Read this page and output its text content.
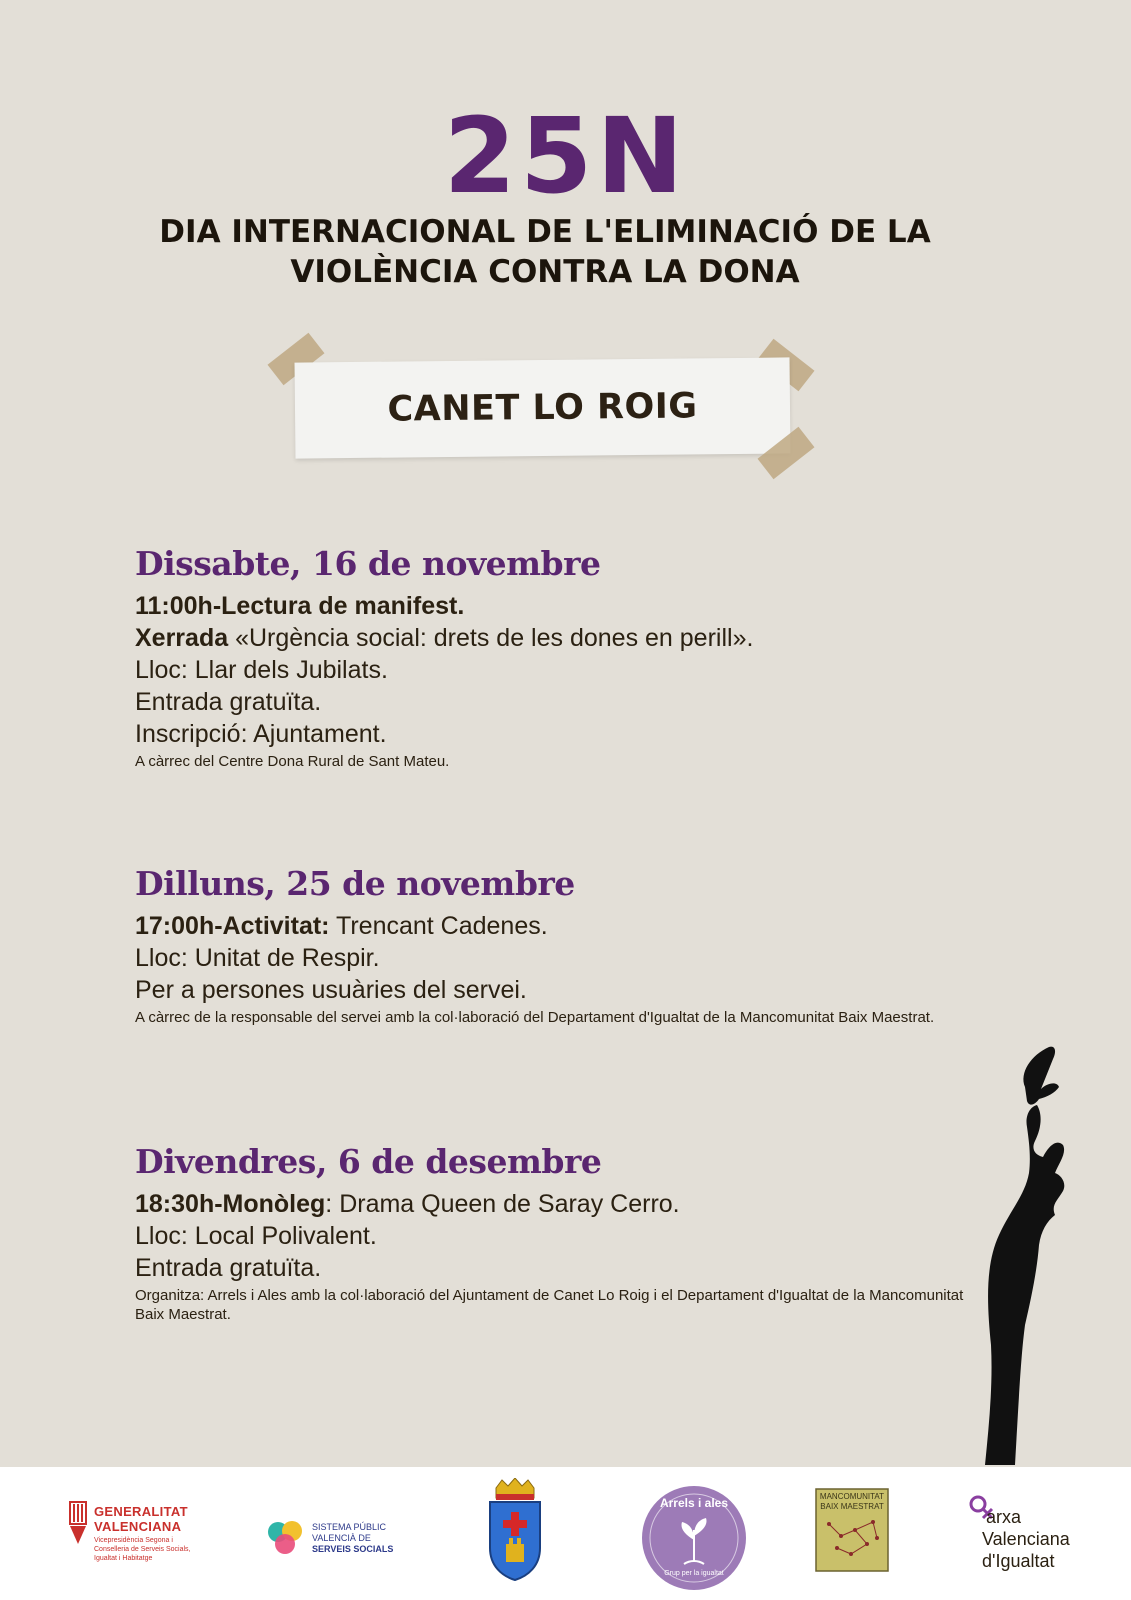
25N
DIA INTERNACIONAL DE L'ELIMINACIÓ DE LA VIOLÈNCIA CONTRA LA DONA
CANET LO ROIG
Dissabte, 16 de novembre
11:00h-Lectura de manifest.
Xerrada «Urgència social: drets de les dones en perill».
Lloc: Llar dels Jubilats.
Entrada gratuïta.
Inscripció: Ajuntament.
A càrrec del Centre Dona Rural de Sant Mateu.
Dilluns, 25 de novembre
17:00h-Activitat: Trencant Cadenes.
Lloc: Unitat de Respir.
Per a persones usuàries del servei.
A càrrec de la responsable del servei amb la col·laboració del Departament d'Igualtat de la Mancomunitat Baix Maestrat.
Divendres, 6 de desembre
18:30h-Monòleg: Drama Queen de Saray Cerro.
Lloc: Local Polivalent.
Entrada gratuïta.
Organitza: Arrels i Ales amb la col·laboració del Ajuntament de Canet Lo Roig i el Departament d'Igualtat de la Mancomunitat Baix Maestrat.
GENERALITAT
VALENCIANA
Vicepresidència Segona i Conselleria de Serveis Socials, Igualtat i Habitatge
SISTEMA PÚBLIC
VALENCIÀ DE
SERVEIS SOCIALS
Arrels i ales
Grup per la igualtat
MANCOMUNITAT
BAIX MAESTRAT
arxa
Valenciana
d'Igualtat
